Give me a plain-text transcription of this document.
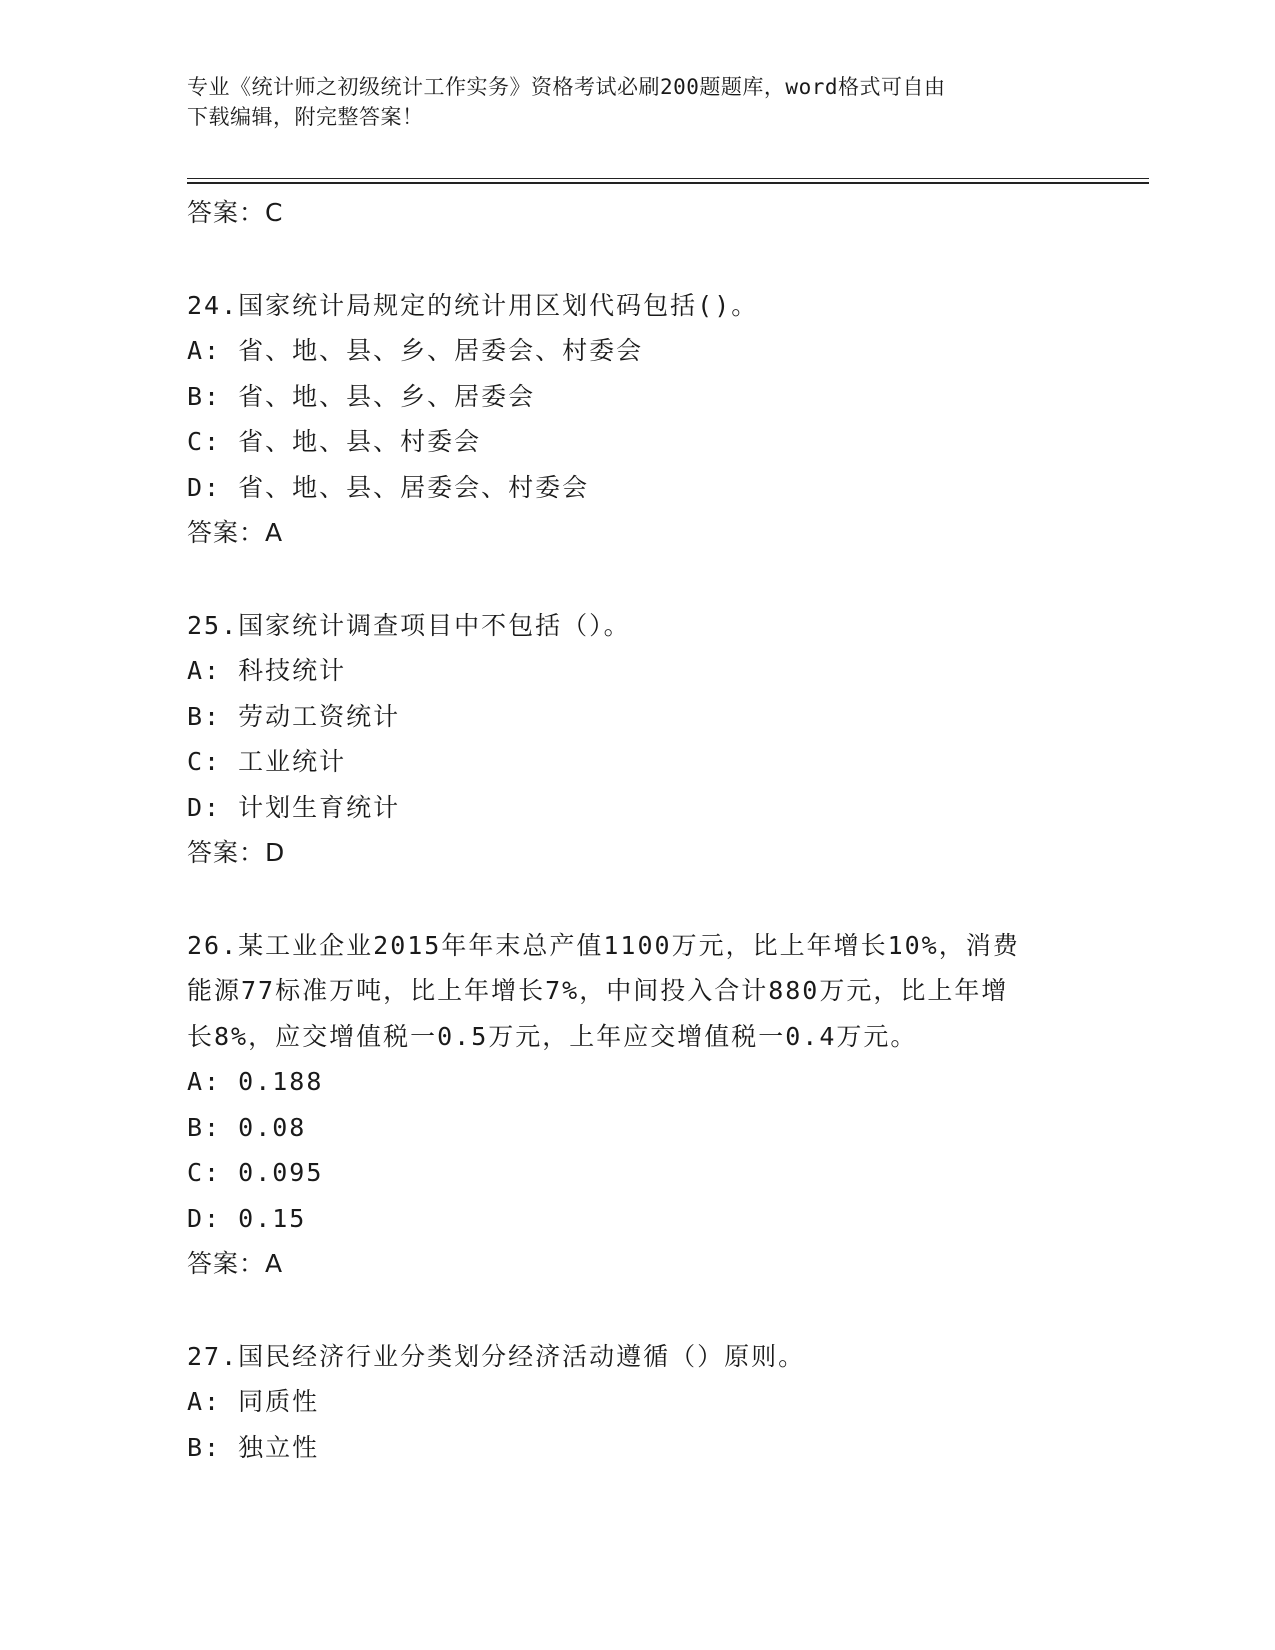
专业《统计师之初级统计工作实务》资格考试必刷200题题库，word格式可自由
下载编辑，附完整答案！
答案：C
24.国家统计局规定的统计用区划代码包括()。
A: 省、地、县、乡、居委会、村委会
B: 省、地、县、乡、居委会
C: 省、地、县、村委会
D: 省、地、县、居委会、村委会
答案：A
25.国家统计调查项目中不包括（）。
A: 科技统计
B: 劳动工资统计
C: 工业统计
D: 计划生育统计
答案：D
26.某工业企业2015年年末总产值1100万元，比上年增长10%，消费
能源77标准万吨，比上年增长7%，中间投入合计880万元，比上年增
长8%，应交增值税一0.5万元，上年应交增值税一0.4万元。
A: 0.188
B: 0.08
C: 0.095
D: 0.15
答案：A
27.国民经济行业分类划分经济活动遵循（）原则。
A: 同质性
B: 独立性
